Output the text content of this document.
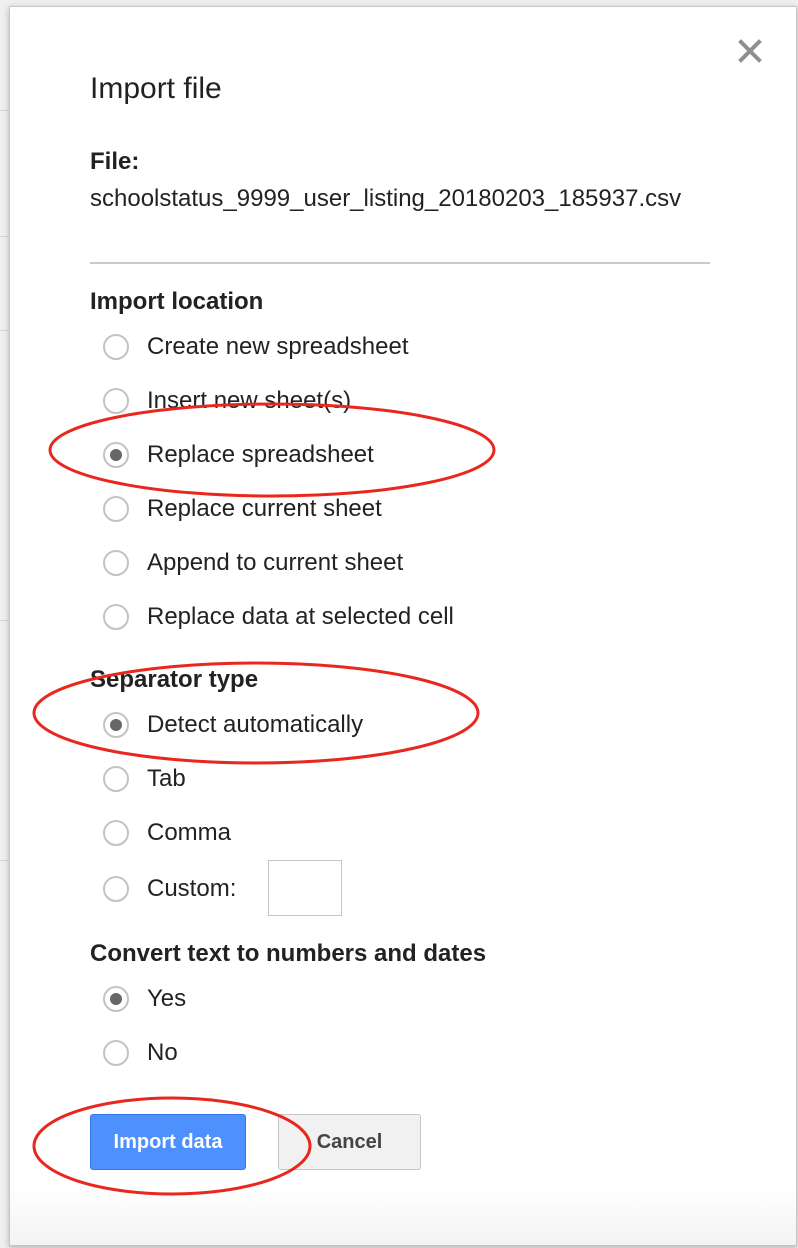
Import file
File:
schoolstatus_9999_user_listing_20180203_185937.csv
Import location
Create new spreadsheet
Insert new sheet(s)
Replace spreadsheet
Replace current sheet
Append to current sheet
Replace data at selected cell
Separator type
Detect automatically
Tab
Comma
Custom:
Convert text to numbers and dates
Yes
No
Import data	Cancel
